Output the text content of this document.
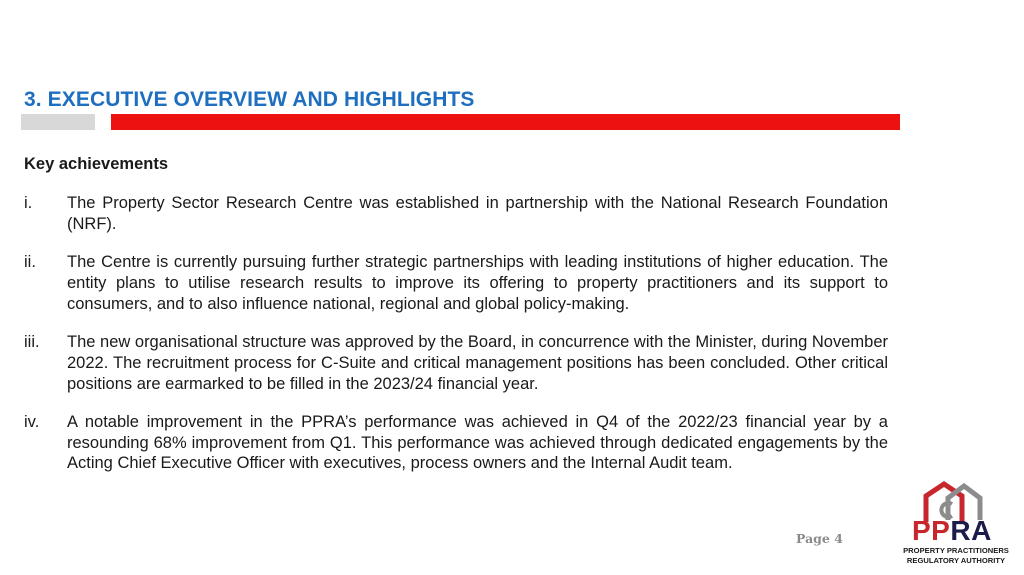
3. EXECUTIVE OVERVIEW AND HIGHLIGHTS
Key achievements
i.	The Property Sector Research Centre was established in partnership with the National Research Foundation (NRF).
ii.	The Centre is currently pursuing further strategic partnerships with leading institutions of higher education. The entity plans to utilise research results to improve its offering to property practitioners and its support to consumers, and to also influence national, regional and global policy-making.
iii.	The new organisational structure was approved by the Board, in concurrence with the Minister, during November 2022. The recruitment process for C-Suite and critical management positions has been concluded. Other critical positions are earmarked to be filled in the 2023/24 financial year.
iv.	A notable improvement in the PPRA’s performance was achieved in Q4 of the 2022/23 financial year by a resounding 68% improvement from Q1. This performance was achieved through dedicated engagements by the Acting Chief Executive Officer with executives, process owners and the Internal Audit team.
Page 4 PPRA
PROPERTY PRACTITIONERS
REGULATORY AUTHORITY
